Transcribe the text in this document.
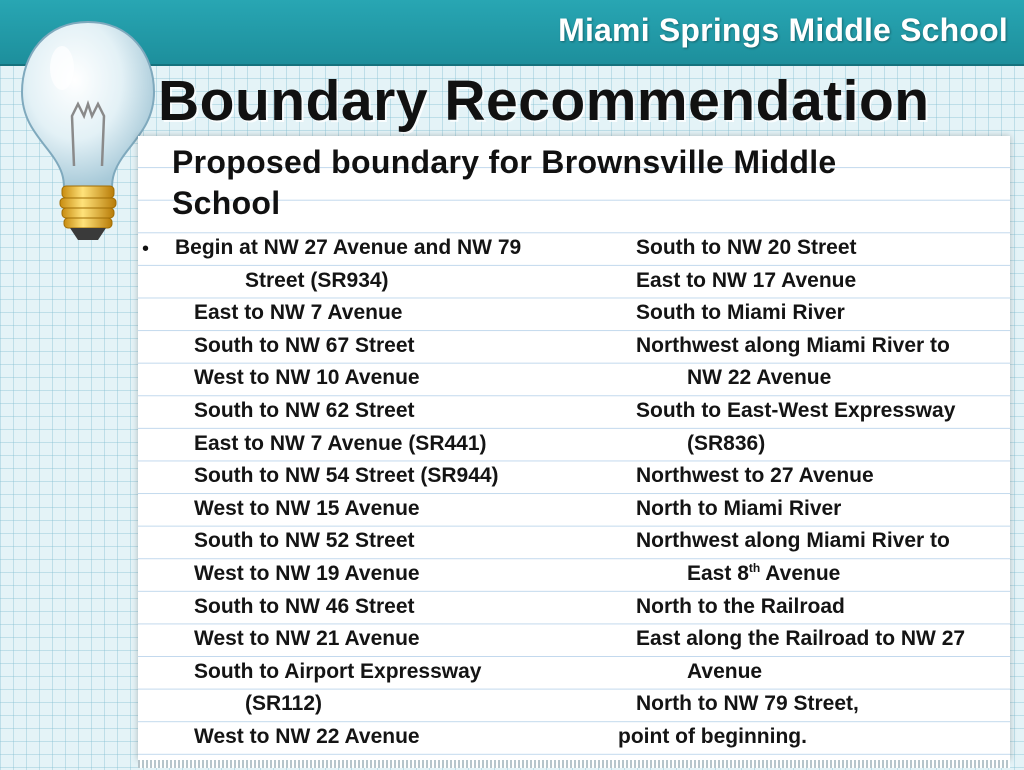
Miami Springs Middle School
Boundary Recommendation
Proposed boundary for Brownsville Middle
School
•	Begin at NW 27 Avenue and NW 79
Street (SR934)
East to NW 7 Avenue
South to NW 67 Street
West to NW 10 Avenue
South to NW 62 Street
East to NW 7 Avenue (SR441)
South to NW 54 Street (SR944)
West to NW 15 Avenue
South to NW 52 Street
West to NW 19 Avenue
South to NW 46 Street
West to NW 21 Avenue
South to Airport Expressway
(SR112)
West to NW 22 Avenue
South to NW 20 Street
East to NW 17 Avenue
South to Miami River
Northwest along Miami River to
NW 22 Avenue
South to East-West Expressway
(SR836)
Northwest to 27 Avenue
North to Miami River
Northwest along Miami River to
East 8th Avenue
North to the Railroad
East along the Railroad to NW 27
Avenue
North to NW 79 Street,
point of beginning.
